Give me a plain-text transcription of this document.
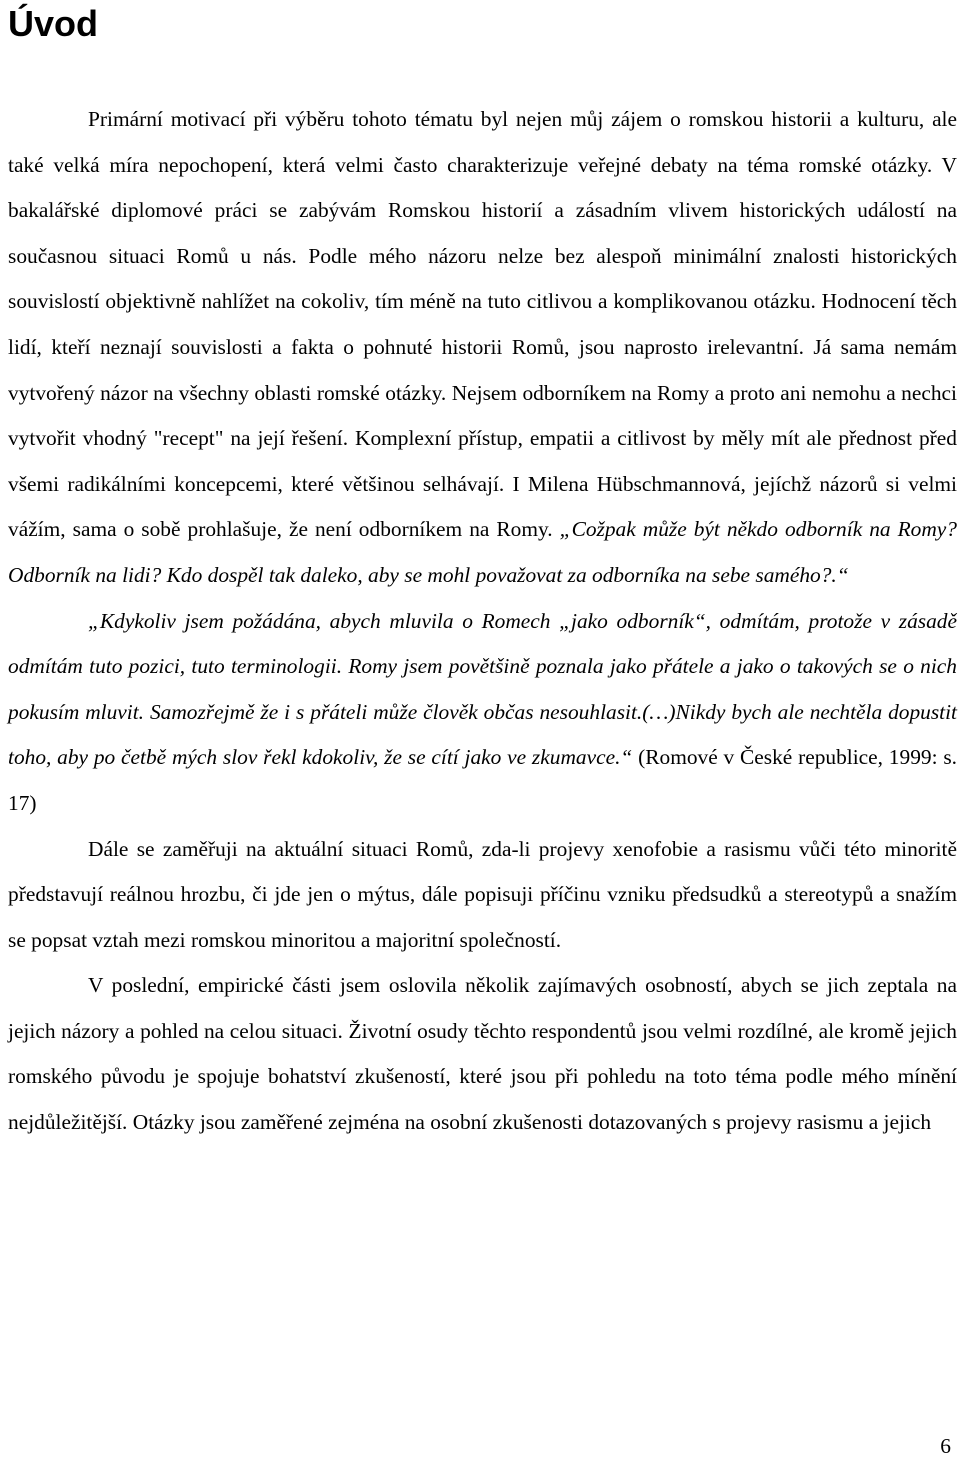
Úvod

Primární motivací při výběru tohoto tématu byl nejen můj zájem o romskou historii a kulturu, ale také velká míra nepochopení, která velmi často charakterizuje veřejné debaty na téma romské otázky. V bakalářské diplomové práci se zabývám Romskou historií a zásadním vlivem historických událostí na současnou situaci Romů u nás. Podle mého názoru nelze bez alespoň minimální znalosti historických souvislostí objektivně nahlížet na cokoliv, tím méně na tuto citlivou a komplikovanou otázku. Hodnocení těch lidí, kteří neznají souvislosti a fakta o pohnuté historii Romů, jsou naprosto irelevantní. Já sama nemám vytvořený názor na všechny oblasti romské otázky. Nejsem odborníkem na Romy a proto ani nemohu a nechci vytvořit vhodný "recept" na její řešení. Komplexní přístup, empatii a citlivost by měly mít ale přednost před všemi radikálními koncepcemi, které většinou selhávají. I Milena Hübschmannová, jejíchž názorů si velmi vážím, sama o sobě prohlašuje, že není odborníkem na Romy. „Cožpak může být někdo odborník na Romy? Odborník na lidi? Kdo dospěl tak daleko, aby se mohl považovat za odborníka na sebe samého?.“

„Kdykoliv jsem požádána, abych mluvila o Romech „jako odborník“, odmítám, protože v zásadě odmítám tuto pozici, tuto terminologii. Romy jsem povětšině poznala jako přátele a jako o takových se o nich pokusím mluvit. Samozřejmě že i s přáteli může člověk občas nesouhlasit.(…)Nikdy bych ale nechtěla dopustit toho, aby po četbě mých slov řekl kdokoliv, že se cítí jako ve zkumavce.“ (Romové v České republice, 1999: s. 17)

Dále se zaměřuji na aktuální situaci Romů, zda-li projevy xenofobie a rasismu vůči této minoritě představují reálnou hrozbu, či jde jen o mýtus, dále popisuji příčinu vzniku předsudků a stereotypů a snažím se popsat vztah mezi romskou minoritou a majoritní společností.

V poslední, empirické části jsem oslovila několik zajímavých osobností, abych se jich zeptala na jejich názory a pohled na celou situaci. Životní osudy těchto respondentů jsou velmi rozdílné, ale kromě jejich romského původu je spojuje bohatství zkušeností, které jsou při pohledu na toto téma podle mého mínění nejdůležitější. Otázky jsou zaměřené zejména na osobní zkušenosti dotazovaných s projevy rasismu a jejich

6
